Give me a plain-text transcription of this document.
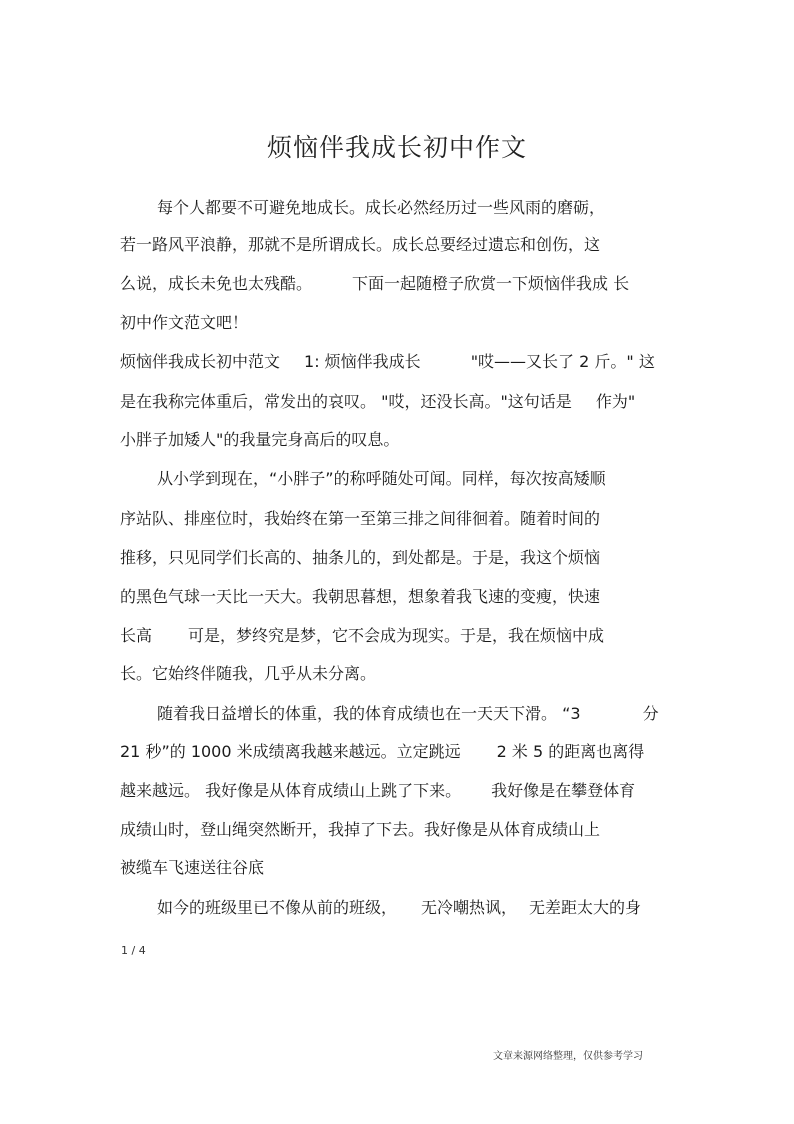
烦恼伴我成长初中作文
每个人都要不可避免地成长。成长必然经历过一些风雨的磨砺，
若一路风平浪静，那就不是所谓成长。成长总要经过遗忘和创伤，这
么说，成长未免也太残酷。	下面一起随橙子欣赏一下烦恼伴我成 长
初中作文范文吧！
烦恼伴我成长初中范文 1: 烦恼伴我成长	"哎——又长了 2 斤。" 这
是在我称完体重后，常发出的哀叹。 "哎，还没长高。"这句话是 作为"
小胖子加矮人"的我量完身高后的叹息。
从小学到现在，“小胖子”的称呼随处可闻。同样，每次按高矮顺
序站队、排座位时，我始终在第一至第三排之间徘徊着。随着时间的
推移，只见同学们长高的、抽条儿的，到处都是。于是，我这个烦恼
的黑色气球一天比一天大。我朝思暮想，想象着我飞速的变瘦，快速
长高 可是，梦终究是梦，它不会成为现实。于是，我在烦恼中成
长。它始终伴随我，几乎从未分离。
随着我日益增长的体重，我的体育成绩也在一天天下滑。 “3	分
21 秒”的 1000 米成绩离我越来越远。立定跳远 2 米 5 的距离也离得
越来越远。 我好像是从体育成绩山上跳了下来。 我好像是在攀登体育
成绩山时，登山绳突然断开，我掉了下去。我好像是从体育成绩山上
被缆车飞速送往谷底
如今的班级里已不像从前的班级， 无冷嘲热讽， 无差距太大的身
1 / 4
文章来源网络整理，仅供参考学习
